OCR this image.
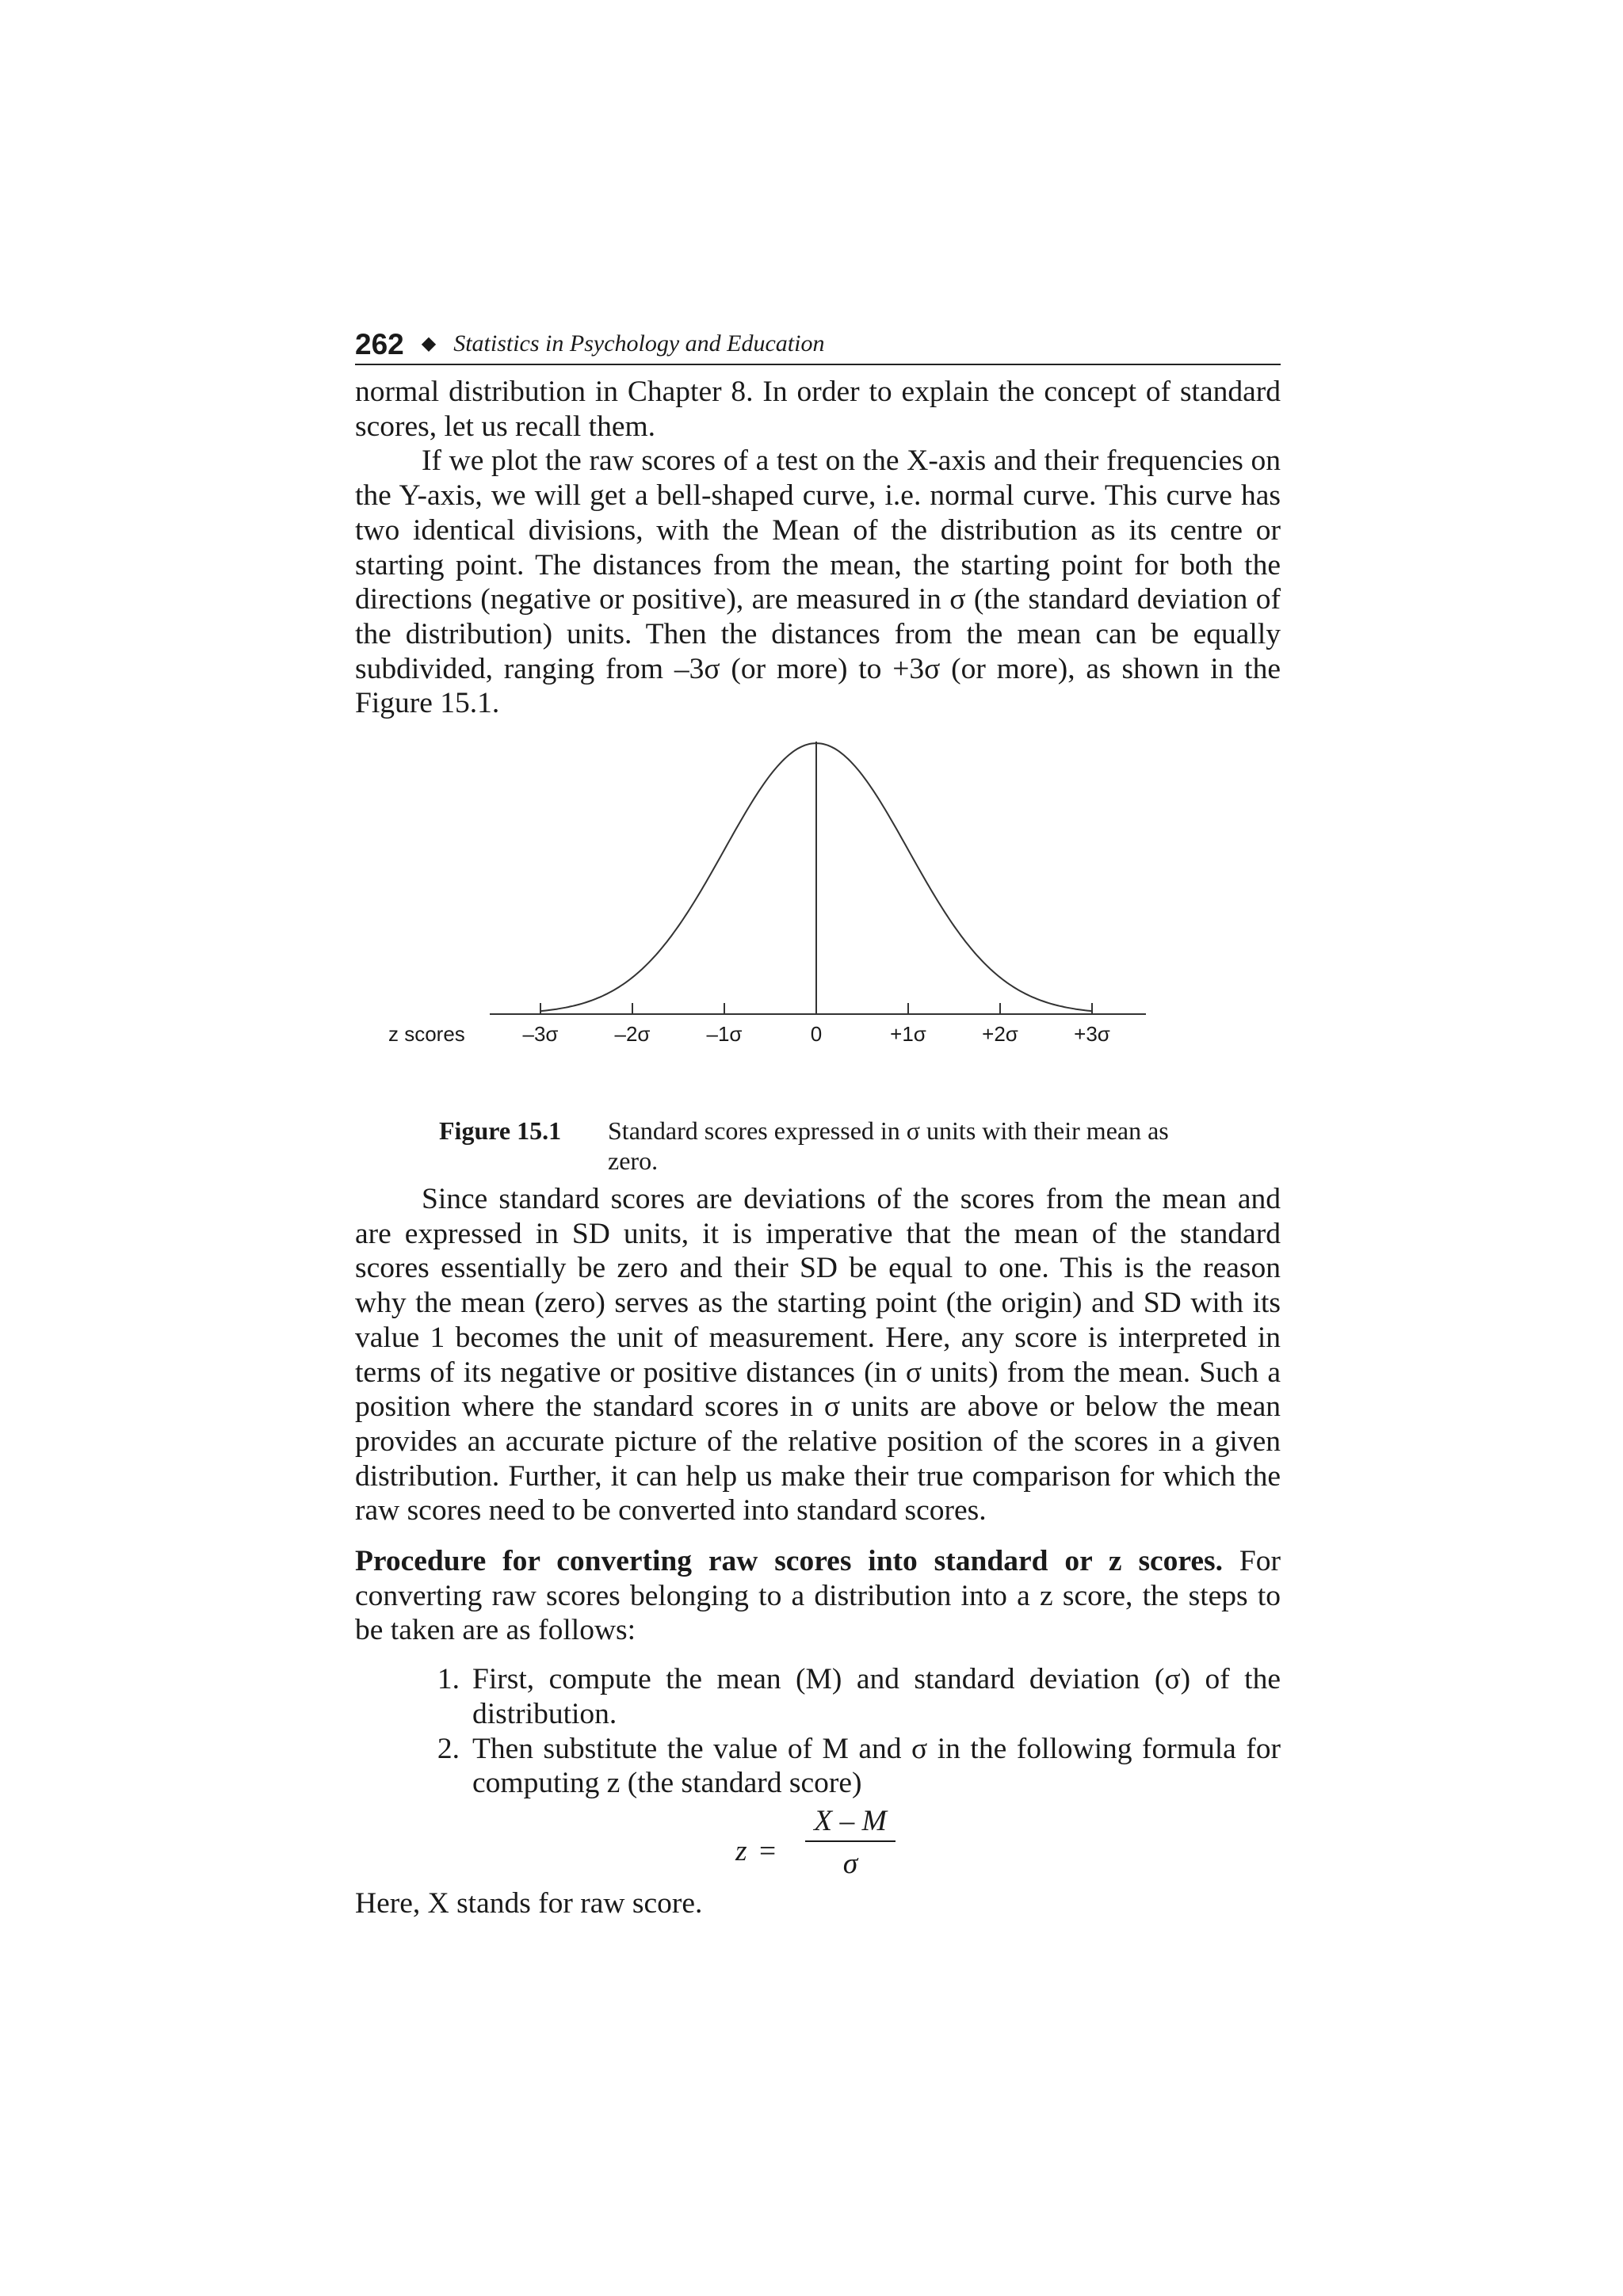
262 ◆ Statistics in Psychology and Education

normal distribution in Chapter 8. In order to explain the concept of standard scores, let us recall them.

If we plot the raw scores of a test on the X-axis and their frequencies on the Y-axis, we will get a bell-shaped curve, i.e. normal curve. This curve has two identical divisions, with the Mean of the distribution as its centre or starting point. The distances from the mean, the starting point for both the directions (negative or positive), are measured in σ (the standard deviation of the distribution) units. Then the distances from the mean can be equally subdivided, ranging from –3σ (or more) to +3σ (or more), as shown in the Figure 15.1.

–3σ	–2σ	–1σ	0	+1σ	+2σ	+3σ
z scores
Figure 15.1	Standard scores expressed in σ units with their mean as zero.

Since standard scores are deviations of the scores from the mean and are expressed in SD units, it is imperative that the mean of the standard scores essentially be zero and their SD be equal to one. This is the reason why the mean (zero) serves as the starting point (the origin) and SD with its value 1 becomes the unit of measurement. Here, any score is interpreted in terms of its negative or positive distances (in σ units) from the mean. Such a position where the standard scores in σ units are above or below the mean provides an accurate picture of the relative position of the scores in a given distribution. Further, it can help us make their true comparison for which the raw scores need to be converted into standard scores.

Procedure for converting raw scores into standard or z scores. For converting raw scores belonging to a distribution into a z score, the steps to be taken are as follows:

1. First, compute the mean (M) and standard deviation (σ) of the distribution.
2. Then substitute the value of M and σ in the following formula for computing z (the standard score)
z =
X – M
σ

Here, X stands for raw score.
